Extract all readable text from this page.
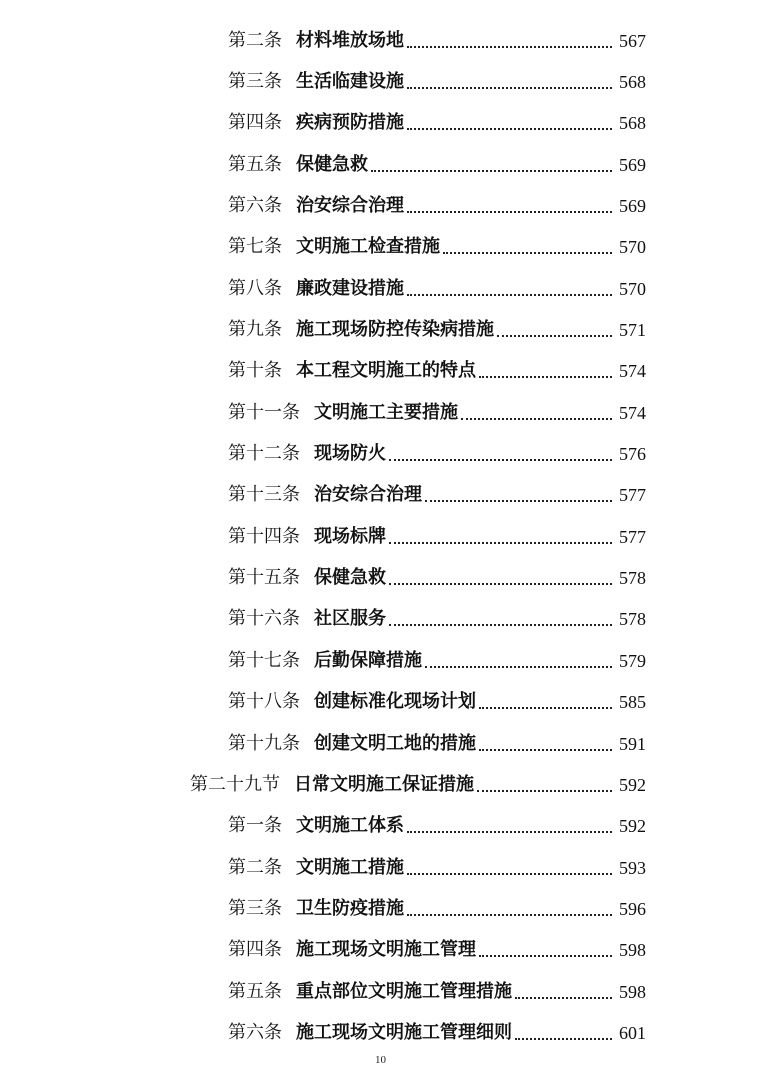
第二条 材料堆放场地	567
第三条 生活临建设施	568
第四条 疾病预防措施	568
第五条 保健急救	569
第六条 治安综合治理	569
第七条 文明施工检查措施	570
第八条 廉政建设措施	570
第九条 施工现场防控传染病措施	571
第十条 本工程文明施工的特点	574
第十一条 文明施工主要措施	574
第十二条 现场防火	576
第十三条 治安综合治理	577
第十四条 现场标牌	577
第十五条 保健急救	578
第十六条 社区服务	578
第十七条 后勤保障措施	579
第十八条 创建标准化现场计划	585
第十九条 创建文明工地的措施	591
第二十九节 日常文明施工保证措施	592
第一条 文明施工体系	592
第二条 文明施工措施	593
第三条 卫生防疫措施	596
第四条 施工现场文明施工管理	598
第五条 重点部位文明施工管理措施	598
第六条 施工现场文明施工管理细则	601
10
